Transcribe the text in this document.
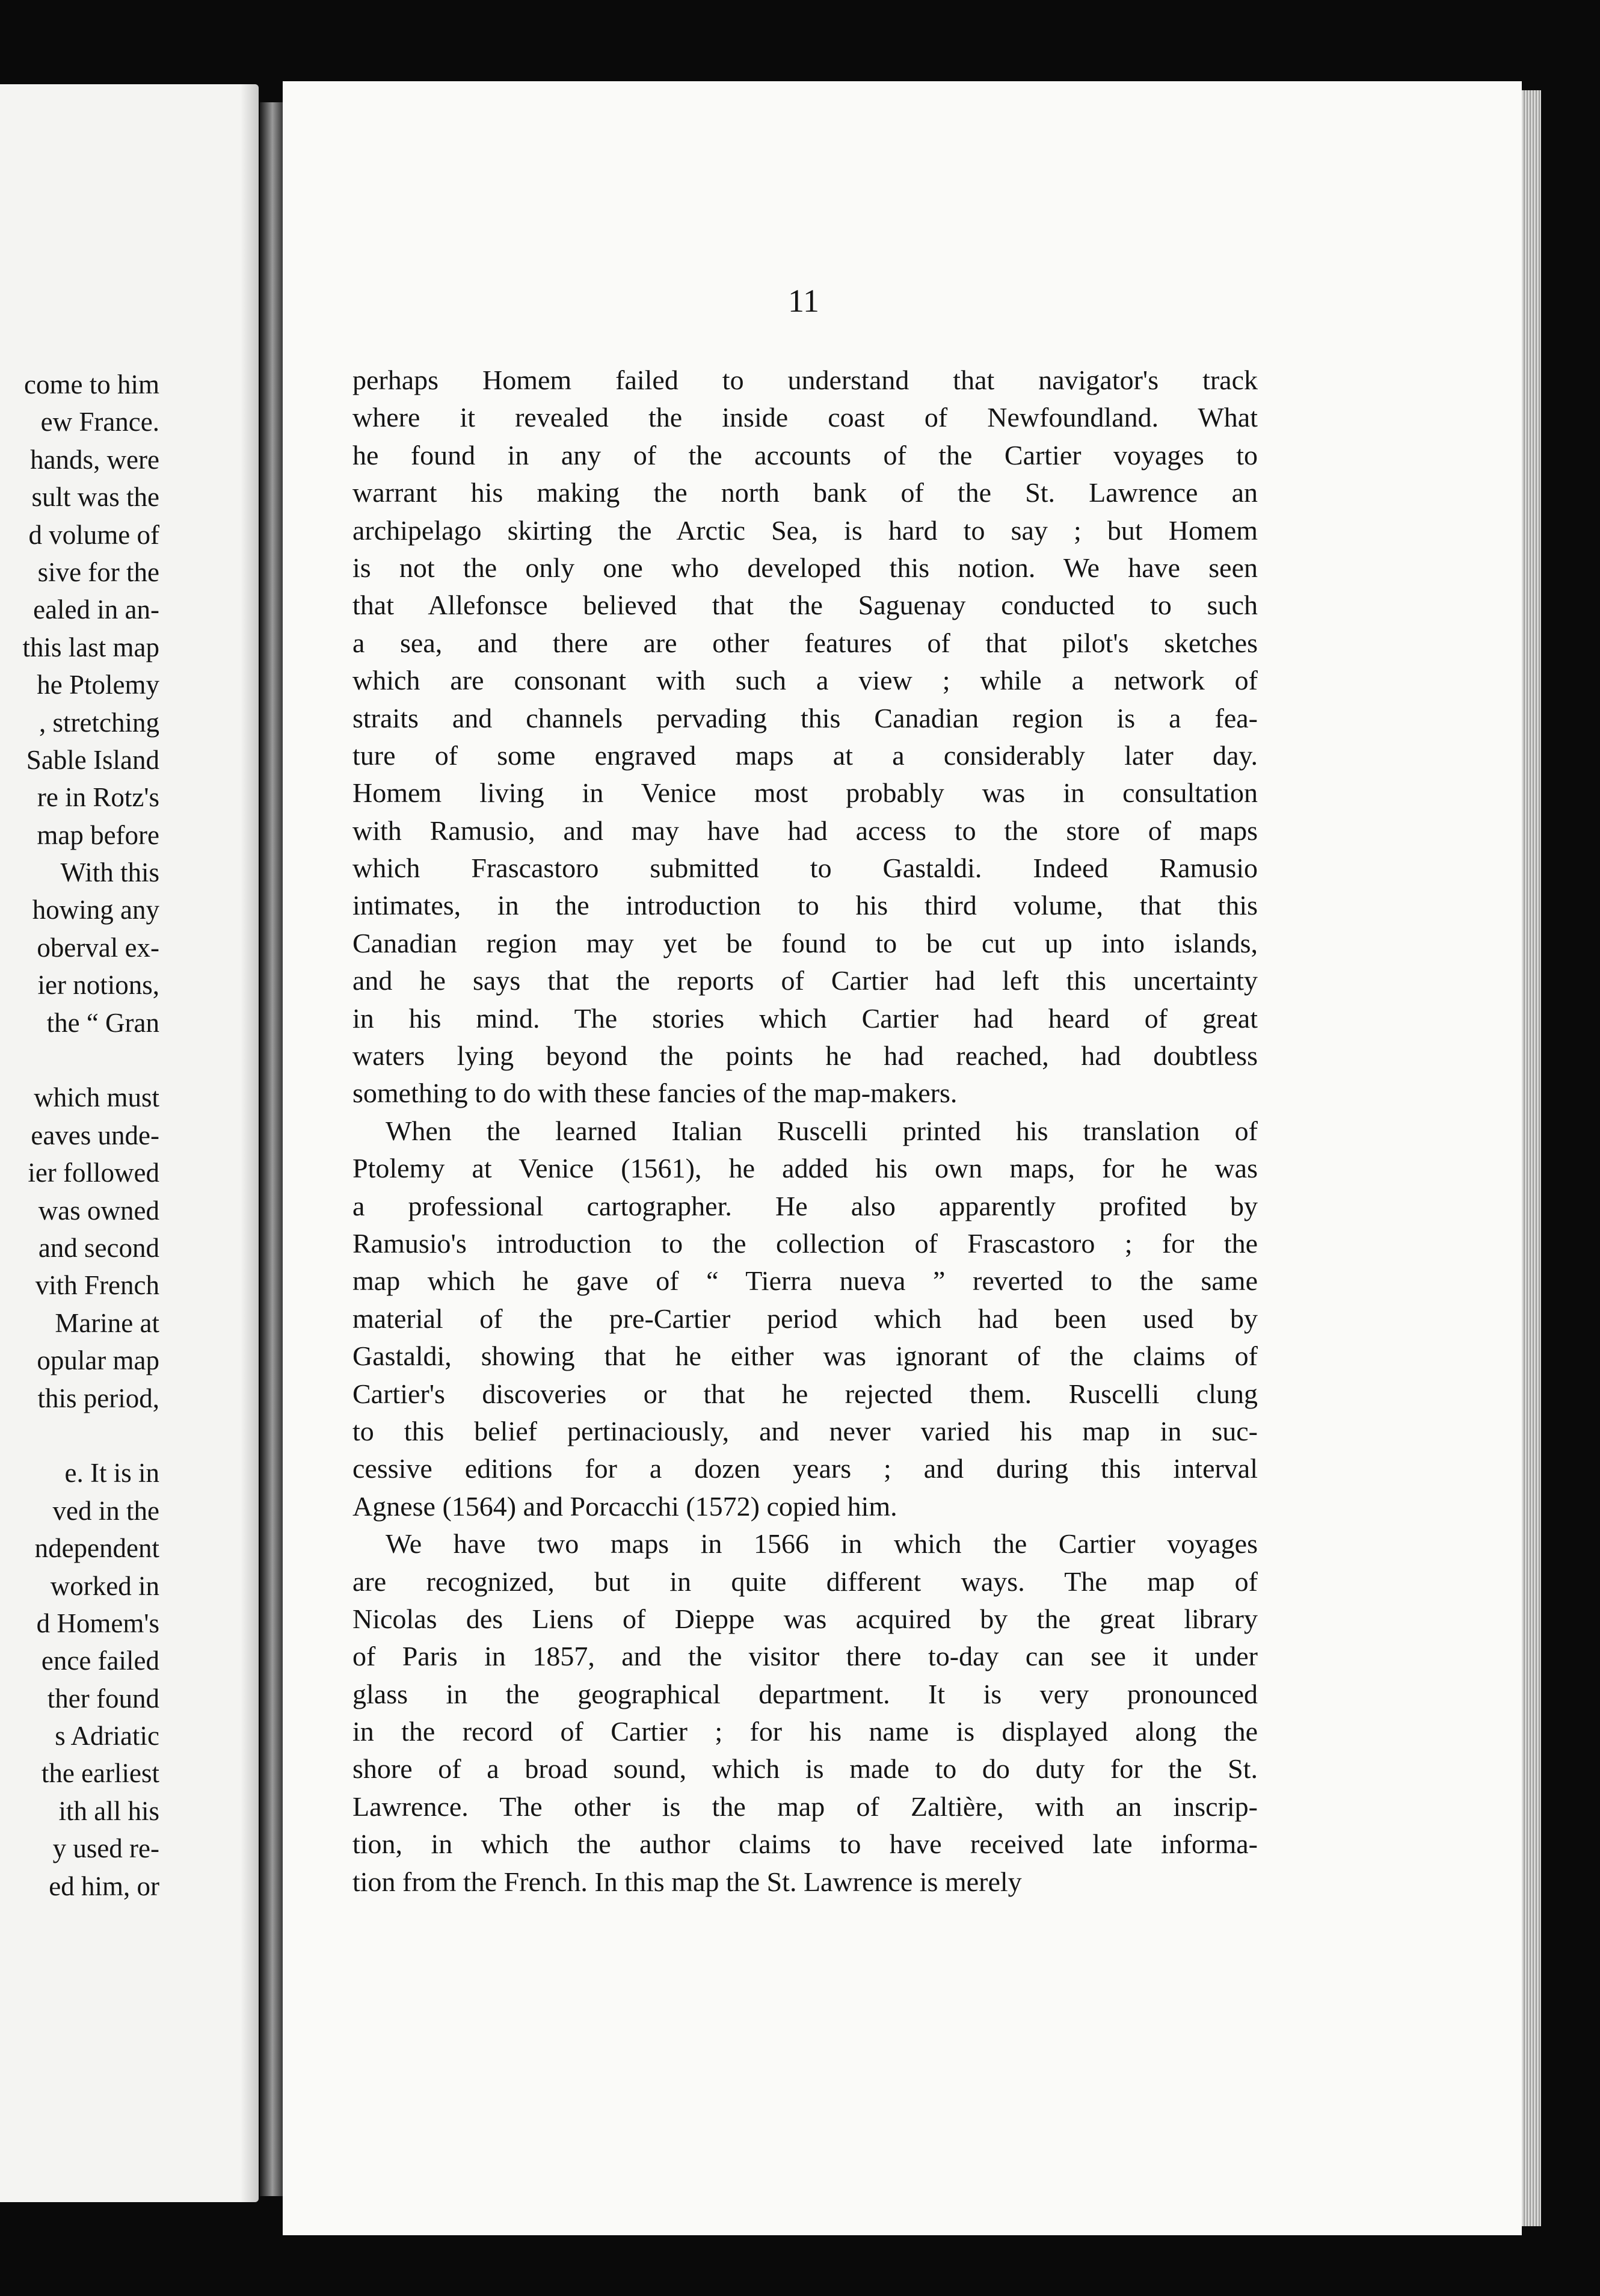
come to him
ew France.
hands, were
sult was the
d volume of
sive for the
ealed in an-
this last map
he Ptolemy
, stretching
Sable Island
re in Rotz's
map before
With this
howing any
oberval ex-
ier notions,
the “ Gran
which must
eaves unde-
ier followed
was owned
and second
vith French
Marine at
opular map
this period,
e. It is in
ved in the
ndependent
worked in
d Homem's
ence failed
ther found
s Adriatic
the earliest
ith all his
y used re-
ed him, or
11
perhaps Homem failed to understand that navigator's track
where it revealed the inside coast of Newfoundland. What
he found in any of the accounts of the Cartier voyages to
warrant his making the north bank of the St. Lawrence an
archipelago skirting the Arctic Sea, is hard to say ; but Homem
is not the only one who developed this notion. We have seen
that Allefonsce believed that the Saguenay conducted to such
a sea, and there are other features of that pilot's sketches
which are consonant with such a view ; while a network of
straits and channels pervading this Canadian region is a fea-
ture of some engraved maps at a considerably later day.
Homem living in Venice most probably was in consultation
with Ramusio, and may have had access to the store of maps
which Frascastoro submitted to Gastaldi. Indeed Ramusio
intimates, in the introduction to his third volume, that this
Canadian region may yet be found to be cut up into islands,
and he says that the reports of Cartier had left this uncertainty
in his mind. The stories which Cartier had heard of great
waters lying beyond the points he had reached, had doubtless
something to do with these fancies of the map-makers.
When the learned Italian Ruscelli printed his translation of
Ptolemy at Venice (1561), he added his own maps, for he was
a professional cartographer. He also apparently profited by
Ramusio's introduction to the collection of Frascastoro ; for the
map which he gave of “ Tierra nueva ” reverted to the same
material of the pre-Cartier period which had been used by
Gastaldi, showing that he either was ignorant of the claims of
Cartier's discoveries or that he rejected them. Ruscelli clung
to this belief pertinaciously, and never varied his map in suc-
cessive editions for a dozen years ; and during this interval
Agnese (1564) and Porcacchi (1572) copied him.
We have two maps in 1566 in which the Cartier voyages
are recognized, but in quite different ways. The map of
Nicolas des Liens of Dieppe was acquired by the great library
of Paris in 1857, and the visitor there to-day can see it under
glass in the geographical department. It is very pronounced
in the record of Cartier ; for his name is displayed along the
shore of a broad sound, which is made to do duty for the St.
Lawrence. The other is the map of Zaltière, with an inscrip-
tion, in which the author claims to have received late informa-
tion from the French. In this map the St. Lawrence is merely
